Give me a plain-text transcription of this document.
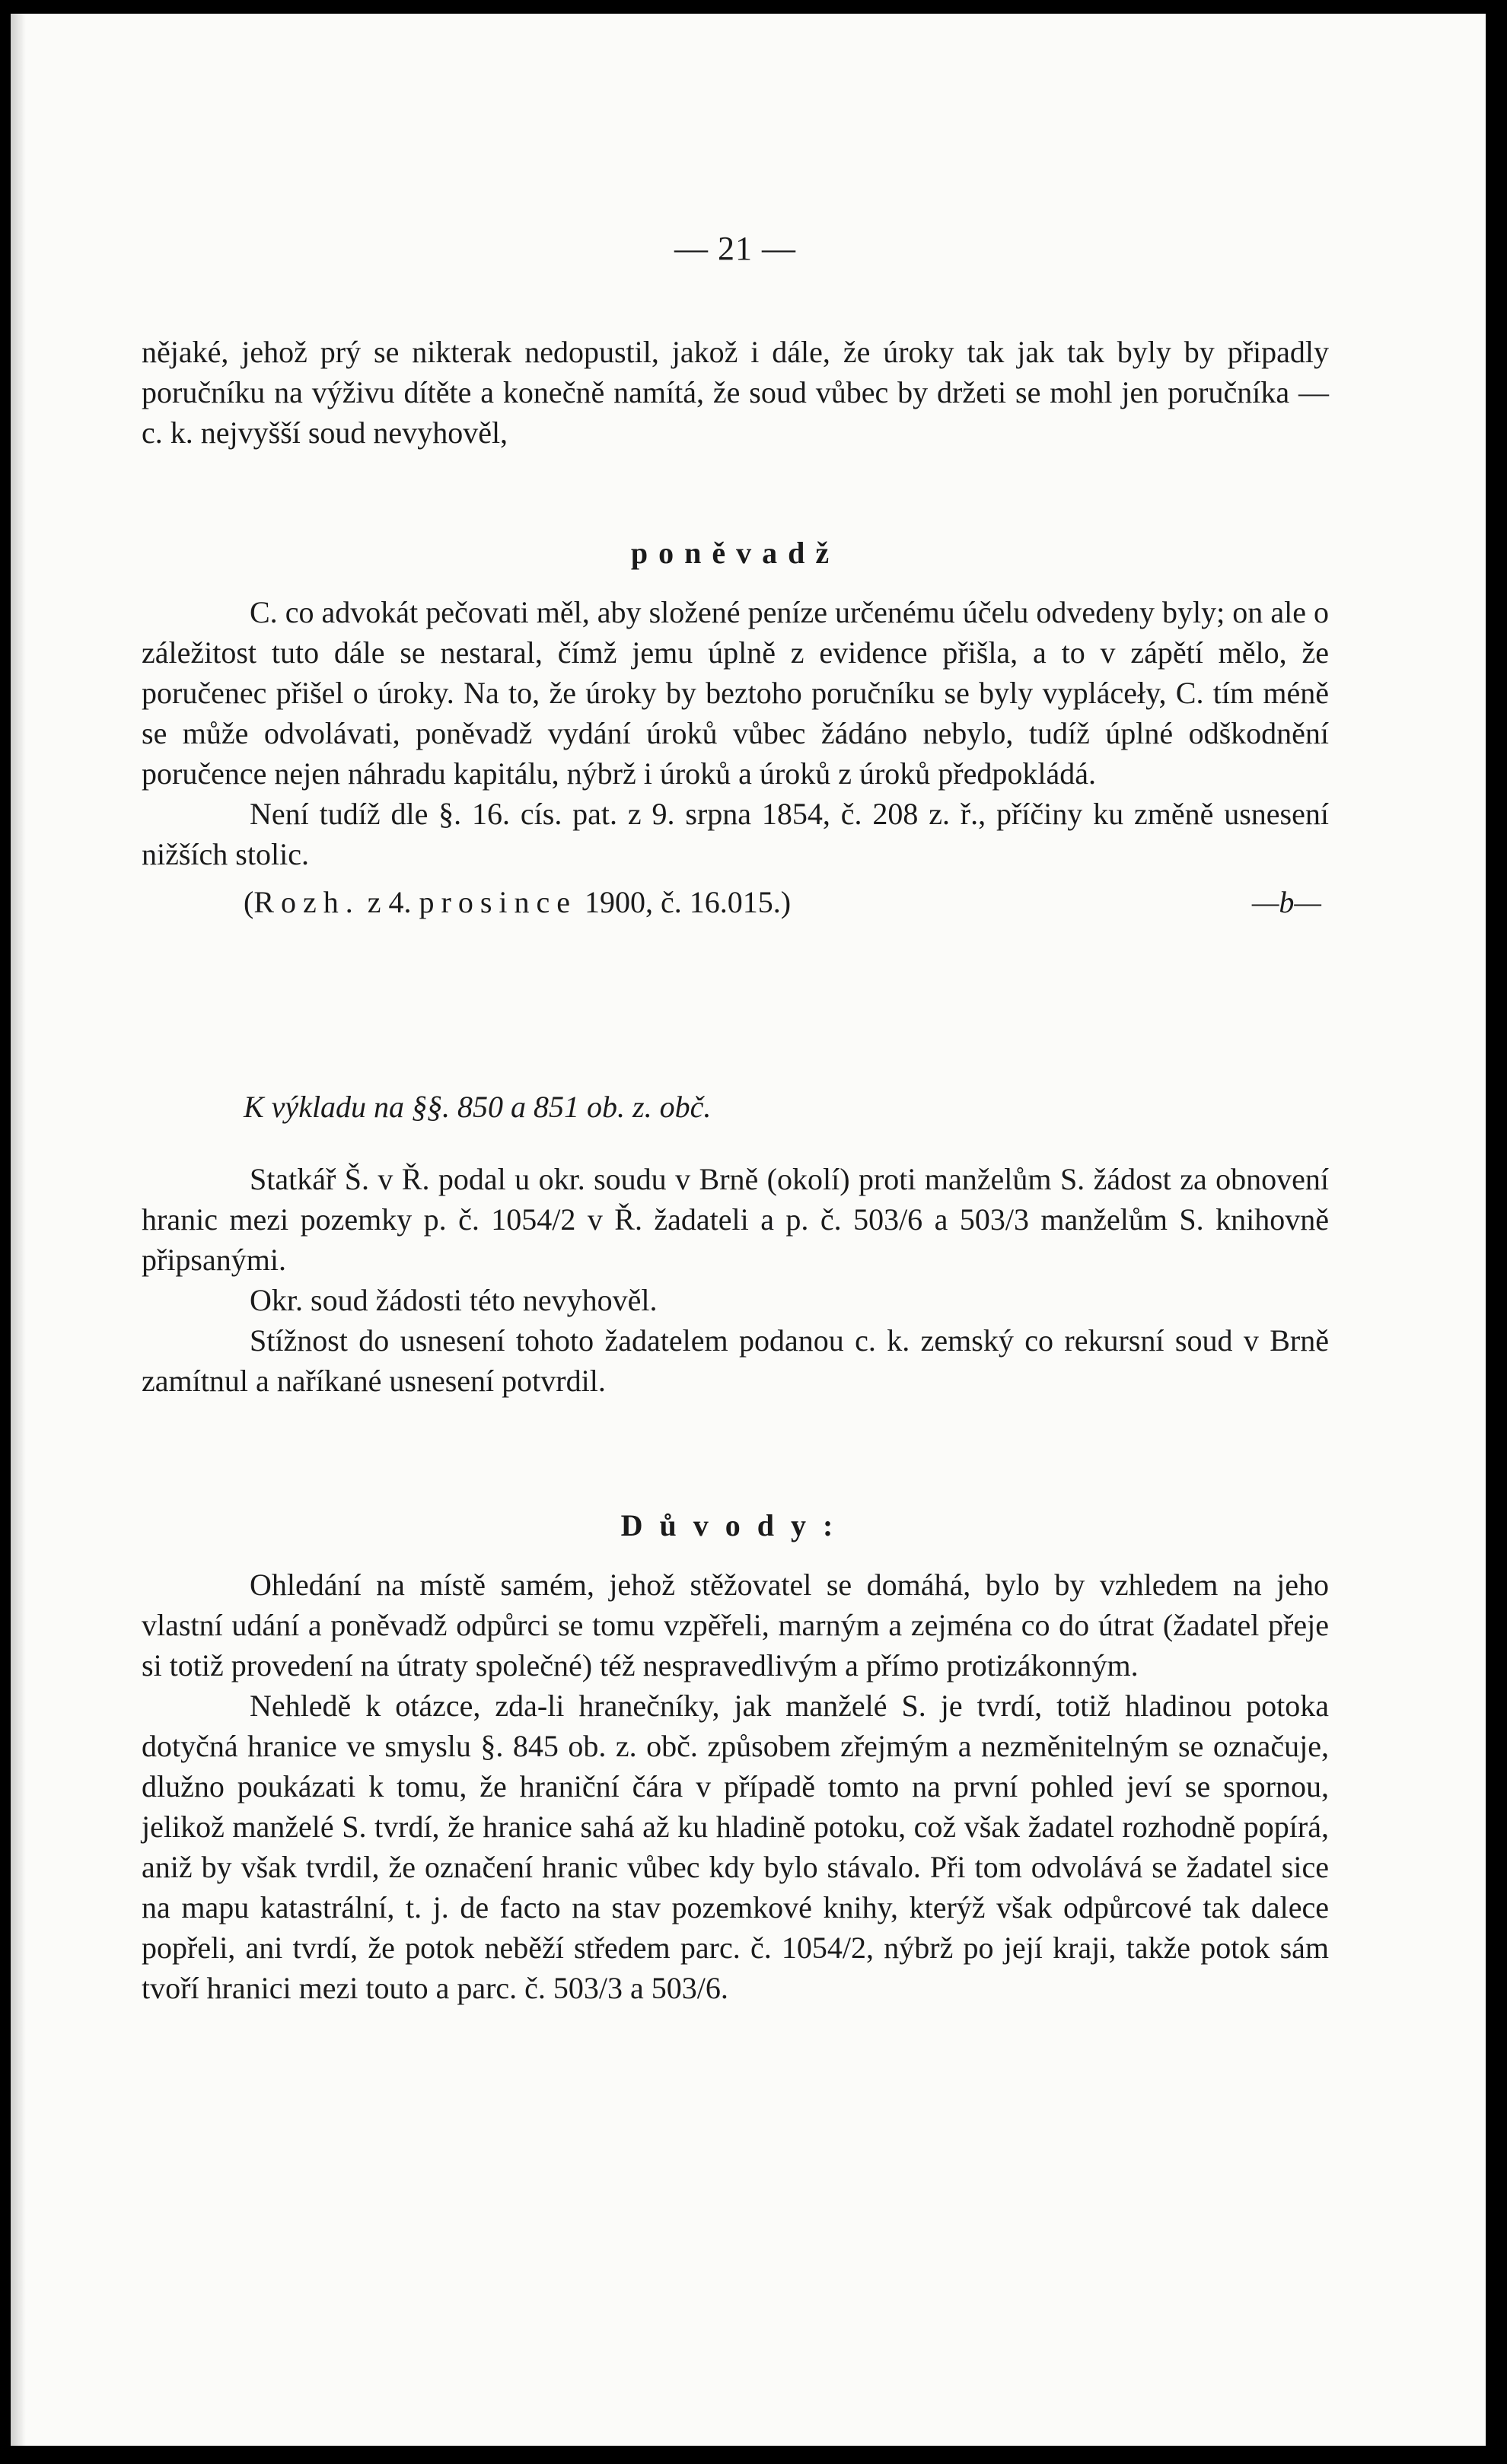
— 21 —

nějaké, jehož prý se nikterak nedopustil, jakož i dále, že úroky tak jak tak byly by připadly poručníku na výživu dítěte a konečně namítá, že soud vůbec by držeti se mohl jen poručníka — c. k. nejvyšší soud nevyhověl,

poněvadž

C. co advokát pečovati měl, aby složené peníze určenému účelu odvedeny byly; on ale o záležitost tuto dále se nestaral, čímž jemu úplně z evidence přišla, a to v zápětí mělo, že poručenec přišel o úroky. Na to, že úroky by beztoho poručníku se byly vypláceły, C. tím méně se může odvolávati, poněvadž vydání úroků vůbec žádáno nebylo, tudíž úplné odškodnění poručence nejen náhradu kapitálu, nýbrž i úroků a úroků z úroků předpokládá.

Není tudíž dle §. 16. cís. pat. z 9. srpna 1854, č. 208 z. ř., příčiny ku změně usnesení nižších stolic.

(Rozh. z 4. prosince 1900, č. 16.015.)	—b—

K výkladu na §§. 850 a 851 ob. z. obč.

Statkář Š. v Ř. podal u okr. soudu v Brně (okolí) proti manželům S. žádost za obnovení hranic mezi pozemky p. č. 1054/2 v Ř. žadateli a p. č. 503/6 a 503/3 manželům S. knihovně připsanými.

Okr. soud žádosti této nevyhověl.

Stížnost do usnesení tohoto žadatelem podanou c. k. zemský co rekursní soud v Brně zamítnul a naříkané usnesení potvrdil.

Důvody:

Ohledání na místě samém, jehož stěžovatel se domáhá, bylo by vzhledem na jeho vlastní udání a poněvadž odpůrci se tomu vzpěřeli, marným a zejména co do útrat (žadatel přeje si totiž provedení na útraty společné) též nespravedlivým a přímo protizákonným.

Nehledě k otázce, zda-li hranečníky, jak manželé S. je tvrdí, totiž hladinou potoka dotyčná hranice ve smyslu §. 845 ob. z. obč. způsobem zřejmým a nezměnitelným se označuje, dlužno poukázati k tomu, že hraniční čára v případě tomto na první pohled jeví se spornou, jelikož manželé S. tvrdí, že hranice sahá až ku hladině potoku, což však žadatel rozhodně popírá, aniž by však tvrdil, že označení hranic vůbec kdy bylo stávalo. Při tom odvolává se žadatel sice na mapu katastrální, t. j. de facto na stav pozemkové knihy, kterýž však odpůrcové tak dalece popřeli, ani tvrdí, že potok neběží středem parc. č. 1054/2, nýbrž po její kraji, takže potok sám tvoří hranici mezi touto a parc. č. 503/3 a 503/6.
